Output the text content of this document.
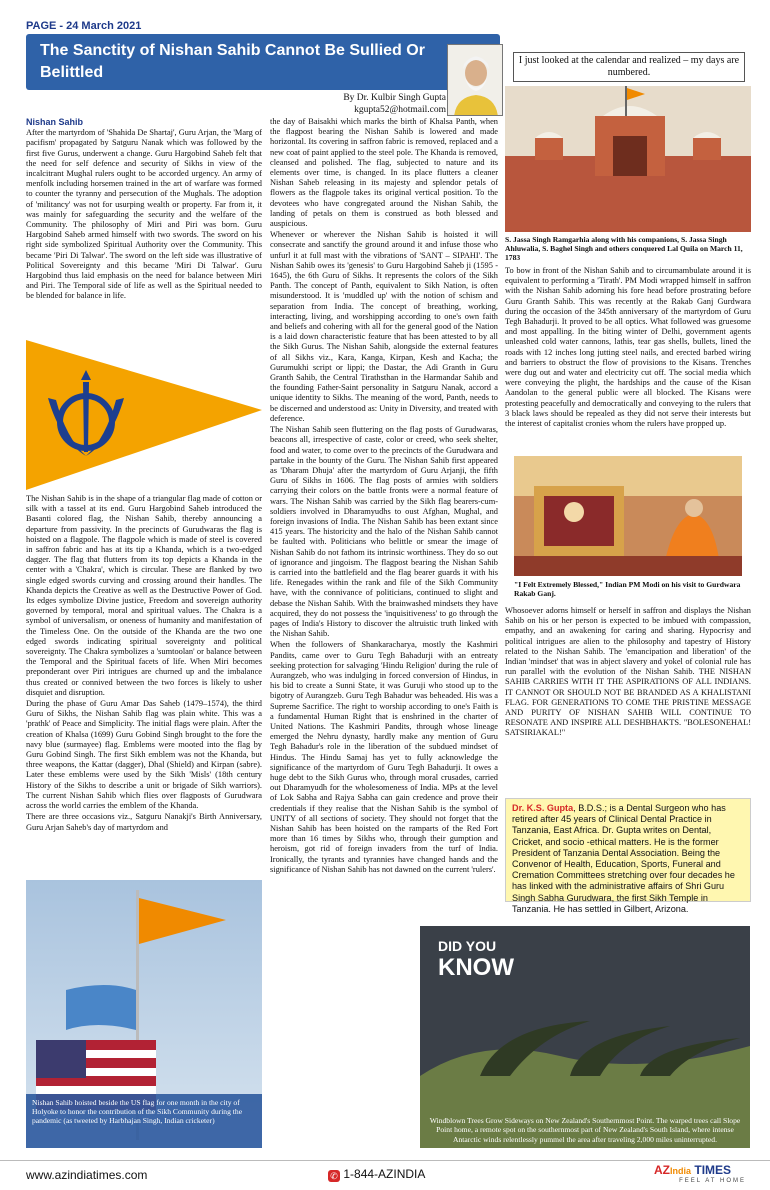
PAGE - 24 March 2021
The Sanctity of Nishan Sahib Cannot Be Sullied Or Belittled
I just looked at the calendar and realized – my days are numbered.
By Dr. Kulbir Singh Gupta
kgupta52@hotmail.com

Nishan Sahib

After the martyrdom of 'Shahida De Shartaj', Guru Arjan, the 'Marg of pacifism' propagated by Satguru Nanak which was followed by the first five Gurus, underwent a change. Guru Hargobind Saheb felt that the need for self defence and security of Sikhs in view of the incalcitrant Mughal rulers ought to be accorded urgency. An army of menfolk including horsemen trained in the art of warfare was formed to counter the tyranny and persecution of the Mughals. The adoption of 'militancy' was not for usurping wealth or property. Far from it, it was mainly for safeguarding the security and the welfare of the Community. The philosophy of Miri and Piri was born. Guru Hargobind Saheb armed himself with two swords. The sword on his right side symbolized Spiritual Authority over the Community. This became 'Piri Di Talwar'. The sword on the left side was illustrative of Political Sovereignty and this became 'Miri Di Talwar'. Guru Hargobind thus laid emphasis on the need for balance between Miri and Piri. The Temporal side of life as well as the Spiritual needed to be blended for balance in life.

The Nishan Sahib is in the shape of a triangular flag made of cotton or silk with a tassel at its end. Guru Hargobind Saheb introduced the Basanti colored flag, the Nishan Sahib, thereby announcing a departure from passivity. In the precincts of Gurudwaras the flag is hoisted on a flagpole. The flagpole which is made of steel is covered in saffron fabric and has at its tip a Khanda, which is a two-edged dagger. The flag that flutters from its top depicts a Khanda in the center with a 'Chakra', which is circular. These are flanked by two single edged swords curving and crossing around their handles. The Khanda depicts the Creative as well as the Destructive Power of God. Its edges symbolize Divine justice, Freedom and sovereign authority governed by temporal, moral and spiritual values. The Chakra is a symbol of universalism, or oneness of humanity and manifestation of the Timeless One. On the outside of the Khanda are the two one edged swords indicating spiritual sovereignty and political sovereignty. The Chakra symbolizes a 'sumtoolan' or balance between the Temporal and the Spiritual facets of life. When Miri becomes preponderant over Piri intrigues are churned up and the imbalance thus created or connived between the two forces is likely to usher disquiet and disruption.

During the phase of Guru Amar Das Saheb (1479–1574), the third Guru of Sikhs, the Nishan Sahib flag was plain white. This was a 'prathk' of Peace and Simplicity. The initial flags were plain. After the creation of Khalsa (1699) Guru Gobind Singh brought to the fore the navy blue (surmayee) flag. Emblems were mooted into the flag by Guru Gobind Singh. The first Sikh emblem was not the Khanda, but three weapons, the Kattar (dagger), Dhal (Shield) and Kirpan (sabre). Later these emblems were used by the Sikh 'Misls' (18th century History of the Sikhs to describe a unit or brigade of Sikh warriors). The current Nishan Sahib which flies over flagposts of Gurudwara across the world carries the emblem of the Khanda.

There are three occasions viz., Satguru Nanakji's Birth Anniversary, Guru Arjan Saheb's day of martyrdom and

Nishan Sahib hoisted beside the US flag for one month in the city of Holyoke to honor the contribution of the Sikh Community during the pandemic (as tweeted by Harbhajan Singh, Indian cricketer)

the day of Baisakhi which marks the birth of Khalsa Panth, when the flagpost bearing the Nishan Sahib is lowered and made horizontal. Its covering in saffron fabric is removed, replaced and a new coat of paint applied to the steel pole. The Khanda is removed, cleansed and polished. The flag, subjected to nature and its elements over time, is changed. In its place flutters a cleaner Nishan Saheb releasing in its majesty and splendor petals of flowers as the flagpole takes its original vertical position. To the devotees who have congregated around the Nishan Sahib, the landing of petals on them is construed as both blessed and auspicious.

Whenever or wherever the Nishan Sahib is hoisted it will consecrate and sanctify the ground around it and infuse those who unfurl it at full mast with the vibrations of 'SANT – SIPAHI'. The Nishan Sahib owes its 'genesis' to Guru Hargobind Saheb ji (1595 - 1645), the 6th Guru of Sikhs. It represents the colors of the Sikh Panth. The concept of Panth, equivalent to Sikh Nation, is often misunderstood. It is 'muddled up' with the notion of schism and separation from India. The concept of breathing, working, interacting, living, and worshipping according to one's own faith and beliefs and cohering with all for the general good of the Nation is a laid down characteristic feature that has been attested to by all the Sikh Gurus. The Nishan Sahib, alongside the external features of all Sikhs viz., Kara, Kanga, Kirpan, Kesh and Kacha; the Gurumukhi script or lippi; the Dastar, the Adi Granth in Guru Granth Sahib, the Central Tirathsthan in the Harmandar Sahib and the founding Father-Saint personality in Satguru Nanak, accord a unique identity to Sikhs. The meaning of the word, Panth, needs to be discerned and understood as: Unity in Diversity, and treated with deference.

The Nishan Sahib seen fluttering on the flag posts of Gurudwaras, beacons all, irrespective of caste, color or creed, who seek shelter, food and water, to come over to the precincts of the Gurudwara and partake in the bounty of the Guru. The Nishan Sahib first appeared as 'Dharam Dhuja' after the martyrdom of Guru Arjanji, the fifth Guru of Sikhs in 1606. The flag posts of armies with soldiers carrying their colors on the battle fronts were a normal feature of wars. The Nishan Sahib was carried by the Sikh flag bearers-cum-soldiers involved in Dharamyudhs to oust Afghan, Mughal, and foreign invasions of India. The Nishan Sahib has been extant since 415 years. The historicity and the halo of the Nishan Sahib cannot be faulted with. Politicians who belittle or smear the image of Nishan Sahib do not fathom its intrinsic worthiness. They do so out of ignorance and jingoism. The flagpost bearing the Nishan Sahib is carried into the battlefield and the flag bearer guards it with his life. Renegades within the rank and file of the Sikh Community have, with the connivance of politicians, continued to slight and debase the Nishan Sahib. With the brainwashed mindsets they have acquired, they do not possess the 'inquisitiveness' to go through the pages of India's History to discover the altruistic truth linked with the Nishan Sahib.

When the followers of Shankaracharya, mostly the Kashmiri Pandits, came over to Guru Tegh Bahadurji with an entreaty seeking protection for salvaging 'Hindu Religion' during the rule of Aurangzeb, who was indulging in forced conversion of Hindus, in his bid to create a Sunni State, it was Guruji who stood up to the bigotry of Aurangzeb. Guru Tegh Bahadur was beheaded. His was a Supreme Sacrifice. The right to worship according to one's Faith is a fundamental Human Right that is enshrined in the charter of United Nations. The Kashmiri Pandits, through whose lineage emerged the Nehru dynasty, hardly make any mention of Guru Tegh Bahadur's role in the liberation of the subdued mindset of Hindus. The Hindu Samaj has yet to fully acknowledge the significance of the martyrdom of Guru Tegh Bahadurji. It owes a huge debt to the Sikh Gurus who, through moral crusades, carried out Dharamyudh for the wholesomeness of India. MPs at the level of Lok Sabha and Rajya Sabha can gain credence and prove their credentials if they realise that the Nishan Sahib is the symbol of UNITY of all sections of society. They should not forget that the Nishan Sahib has been hoisted on the ramparts of the Red Fort more than 16 times by Sikhs who, through their gumption and heroism, got rid of foreign invaders from the turf of India. Ironically, the tyrants and tyrannies have changed hands and the significance of Nishan Sahib has not dawned on the current 'rulers'.

S. Jassa Singh Ramgarhia along with his companions, S. Jassa Singh Ahluwalia, S. Baghel Singh and others conquered Lal Quila on March 11, 1783

To bow in front of the Nishan Sahib and to circumambulate around it is equivalent to performing a 'Tirath'. PM Modi wrapped himself in saffron with the Nishan Sahib adorning his fore head before prostrating before Guru Granth Sahib. This was recently at the Rakab Ganj Gurdwara during the occasion of the 345th anniversary of the martyrdom of Guru Tegh Bahadurji. It proved to be all optics. What followed was gruesome and most appalling. In the biting winter of Delhi, government agents unleashed cold water cannons, lathis, tear gas shells, bullets, lined the roads with 12 inches long jutting steel nails, and erected barbed wiring and barriers to obstruct the flow of provisions to the Kisans. Trenches were dug out and water and electricity cut off. The social media which were conveying the plight, the hardships and the cause of the Kisan Aandolan to the general public were all blocked. The Kisans were protesting peacefully and democratically and conveying to the rulers that 3 black laws should be repealed as they did not serve their interests but the interest of capitalist cronies whom the rulers have propped up.

"I Felt Extremely Blessed," Indian PM Modi on his visit to Gurdwara Rakab Ganj.

Whosoever adorns himself or herself in saffron and displays the Nishan Sahib on his or her person is expected to be imbued with compassion, empathy, and an awakening for caring and sharing. Hypocrisy and political intrigues are alien to the philosophy and tapestry of History related to the Nishan Sahib. The 'emancipation and liberation' of the Indian 'mindset' that was in abject slavery and yokel of colonial rule has run parallel with the evolution of the Nishan Sahib. THE NISHAN SAHIB CARRIES WITH IT THE ASPIRATIONS OF ALL INDIANS. IT CANNOT OR SHOULD NOT BE BRANDED AS A KHALISTANI FLAG. FOR GENERATIONS TO COME THE PRISTINE MESSAGE AND PURITY OF NISHAN SAHIB WILL CONTINUE TO RESONATE AND INSPIRE ALL DESHBHAKTS. "BOLESONEHAL! SATSIRIAKAL!"

Dr. K.S. Gupta, B.D.S.; is a Dental Surgeon who has retired after 45 years of Clinical Dental Practice in Tanzania, East Africa. Dr. Gupta writes on Dental, Cricket, and socio -ethical matters. He is the former President of Tanzania Dental Association. Being the Convenor of Health, Education, Sports, Funeral and Cremation Committees stretching over four decades he has linked with the administrative affairs of Shri Guru Singh Sabha Gurudwara, the first Sikh Temple in Tanzania. He has settled in Gilbert, Arizona.
DID YOU
KNOW
Windblown Trees Grow Sideways on New Zealand's Southernmost Point. The warped trees call Slope Point home, a remote spot on the southernmost part of New Zealand's South Island, where intense Antarctic winds relentlessly pummel the area after traveling 2,000 miles uninterrupted.
www.azindiatimes.com	✆ 1-844-AZINDIA	AZIndia TIMES
FEEL AT HOME
